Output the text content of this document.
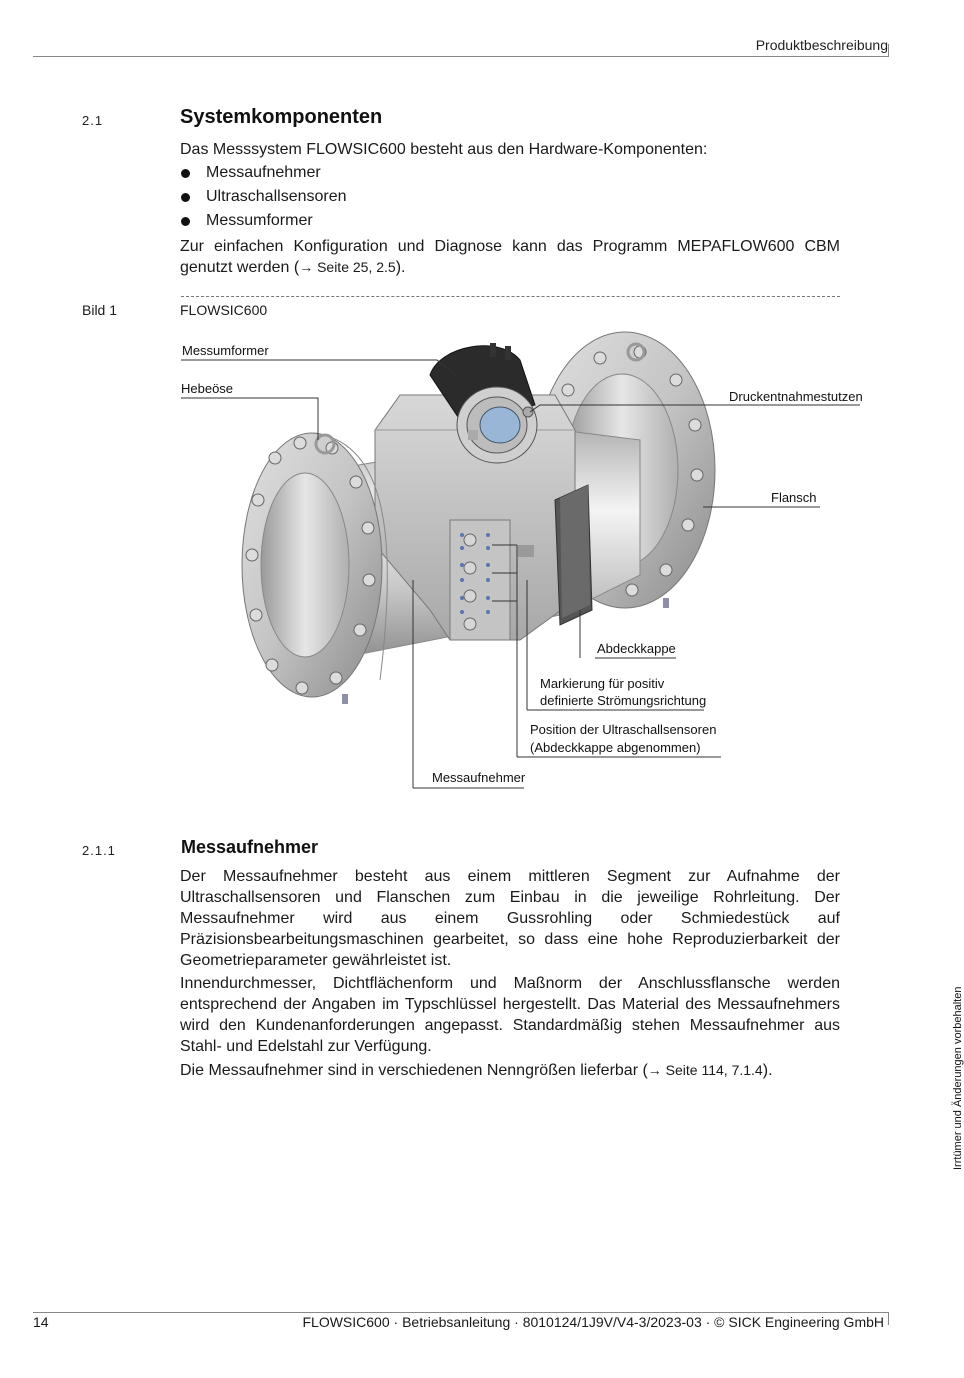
Produktbeschreibung
2.1	Systemkomponenten
Das Messsystem FLOWSIC600 besteht aus den Hardware-Komponenten:
Messaufnehmer
Ultraschallsensoren
Messumformer
Zur einfachen Konfiguration und Diagnose kann das Programm MEPAFLOW600 CBM genutzt werden (→ Seite 25, 2.5).
Bild 1	FLOWSIC600
Messumformer
Hebeöse
Druckentnahmestutzen
Flansch
Abdeckkappe
Markierung für positiv
definierte Strömungsrichtung
Position der Ultraschallsensoren
(Abdeckkappe abgenommen)
Messaufnehmer
2.1.1	Messaufnehmer
Der Messaufnehmer besteht aus einem mittleren Segment zur Aufnahme der Ultraschallsensoren und Flanschen zum Einbau in die jeweilige Rohrleitung. Der Messaufnehmer wird aus einem Gussrohling oder Schmiedestück auf Präzisionsbearbeitungsmaschinen gearbeitet, so dass eine hohe Reproduzierbarkeit der Geometrieparameter gewährleistet ist.
Innendurchmesser, Dichtflächenform und Maßnorm der Anschlussflansche werden entsprechend der Angaben im Typschlüssel hergestellt. Das Material des Messaufnehmers wird den Kundenanforderungen angepasst. Standardmäßig stehen Messaufnehmer aus Stahl- und Edelstahl zur Verfügung.
Die Messaufnehmer sind in verschiedenen Nenngrößen lieferbar (→ Seite 114, 7.1.4).	Irrtümer und Änderungen vorbehalten
14	FLOWSIC600 · Betriebsanleitung · 8010124/1J9V/V4-3/2023-03 · © SICK Engineering GmbH
